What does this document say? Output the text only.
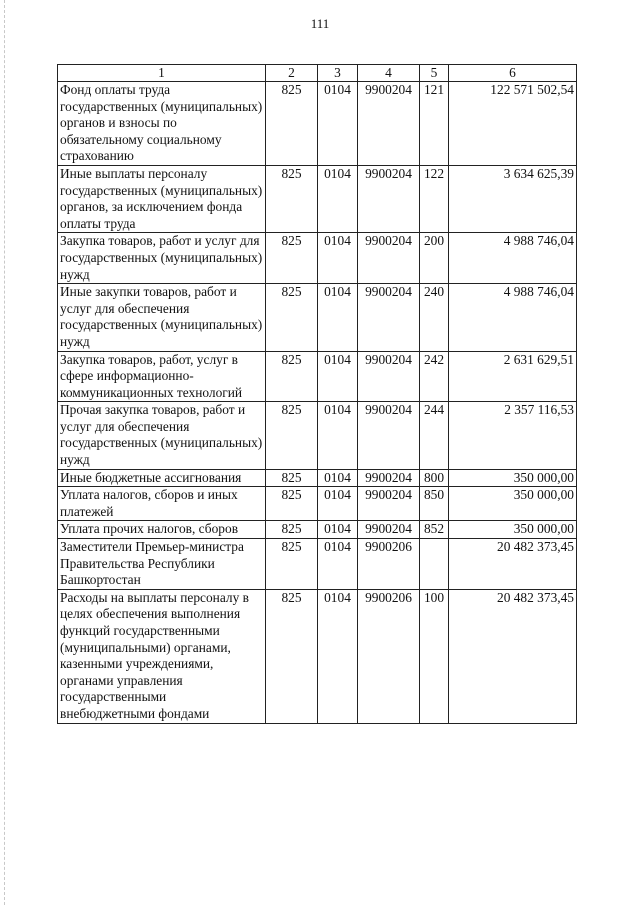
111
1	2	3	4	5	6
Фонд оплаты труда государственных (муниципальных) органов и взносы по обязательному социальному страхованию	825	0104	9900204	121	122 571 502,54
Иные выплаты персоналу государственных (муниципальных) органов, за исключением фонда оплаты труда	825	0104	9900204	122	3 634 625,39
Закупка товаров, работ и услуг для государственных (муниципальных) нужд	825	0104	9900204	200	4 988 746,04
Иные закупки товаров, работ и услуг для обеспечения государственных (муниципальных) нужд	825	0104	9900204	240	4 988 746,04
Закупка товаров, работ, услуг в сфере информационно-коммуникационных технологий	825	0104	9900204	242	2 631 629,51
Прочая закупка товаров, работ и услуг для обеспечения государственных (муниципальных) нужд	825	0104	9900204	244	2 357 116,53
Иные бюджетные ассигнования	825	0104	9900204	800	350 000,00
Уплата налогов, сборов и иных платежей	825	0104	9900204	850	350 000,00
Уплата прочих налогов, сборов	825	0104	9900204	852	350 000,00
Заместители Премьер-министра Правительства Республики Башкортостан	825	0104	9900206		20 482 373,45
Расходы на выплаты персоналу в целях обеспечения выполнения функций государственными (муниципальными) органами, казенными учреждениями, органами управления государственными внебюджетными фондами	825	0104	9900206	100	20 482 373,45
